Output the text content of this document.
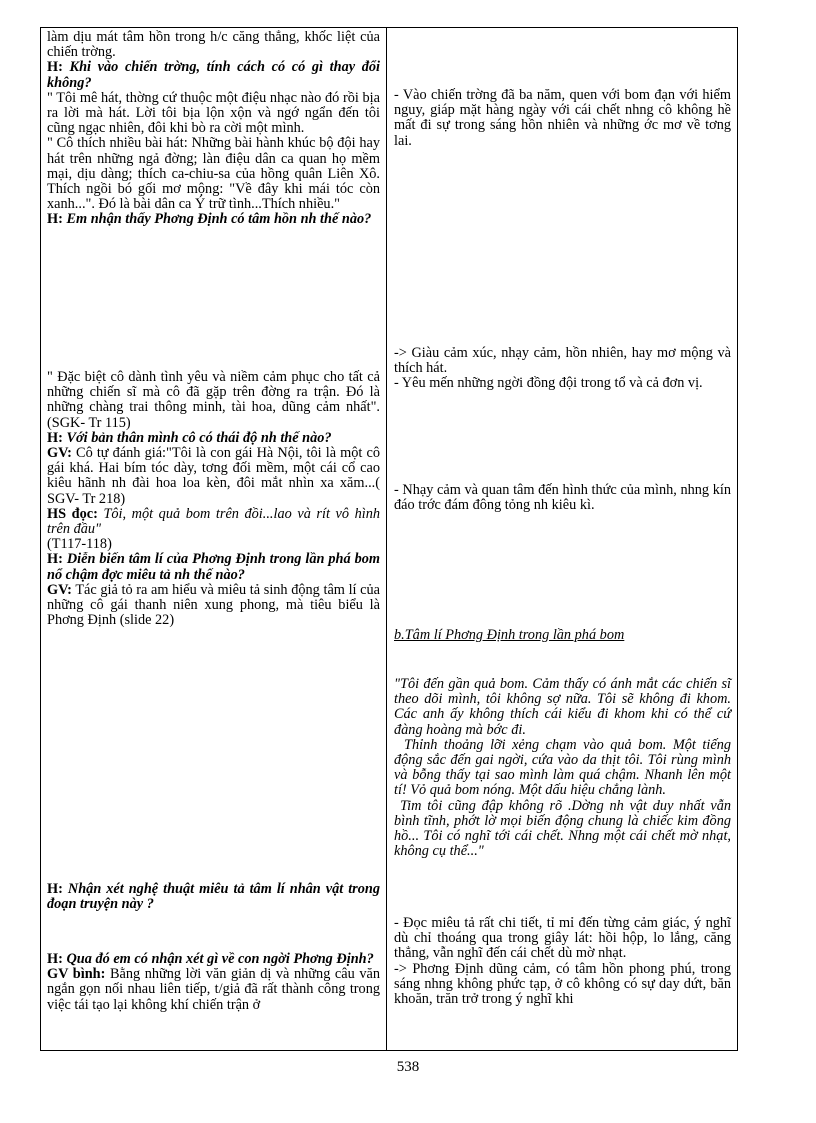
làm dịu mát tâm hồn trong h/c căng thẳng, khốc liệt của chiến trờng.

H: Khi vào chiến trờng, tính cách có có gì thay đổi không?

" Tôi mê hát, thờng cứ thuộc một điệu nhạc nào đó rồi bịa ra lời mà hát. Lời tôi bịa lộn xộn và ngớ ngẩn đến tôi cũng ngạc nhiên, đôi khi bò ra cời một mình.

" Cô thích nhiều bài hát: Những bài hành khúc bộ đội hay hát trên những ngả đờng; làn điệu dân ca quan họ mềm mại, dịu dàng; thích ca-chiu-sa của hồng quân Liên Xô. Thích ngồi bó gối mơ mộng: "Về đây khi mái tóc còn xanh...". Đó là bài dân ca Ý trữ tình...Thích nhiều."

H: Em nhận thấy Phơng Định có tâm hồn nh thế nào?

" Đặc biệt cô dành tình yêu và niềm cảm phục cho tất cả những chiến sĩ mà cô đã gặp trên đờng ra trận. Đó là những chàng trai thông minh, tài hoa, dũng cảm nhất". (SGK- Tr 115)

H: Với bản thân mình cô có thái độ nh thế nào?

GV: Cô tự đánh giá:"Tôi là con gái Hà Nội, tôi là một cô gái khá. Hai bím tóc dày, tơng đối mềm, một cái cổ cao kiêu hãnh nh đài hoa loa kèn, đôi mắt nhìn xa xăm...( SGV- Tr 218)

HS đọc: Tôi, một quả bom trên đồi...lao và rít vô hình trên đầu"

(T117-118)

H: Diễn biến tâm lí của Phơng Định trong lần phá bom nổ chậm đợc miêu tả nh thế nào?

GV: Tác giả tỏ ra am hiểu và miêu tả sinh động tâm lí của những cô gái thanh niên xung phong, mà tiêu biểu là Phơng Định (slide 22)

H: Nhận xét nghệ thuật miêu tả tâm lí nhân vật trong đoạn truyện này ?

H: Qua đó em có nhận xét gì về con ngời Phơng Định?

GV bình: Bằng những lời văn giản dị và những câu văn ngắn gọn nối nhau liên tiếp, t/giả đã rất thành công trong việc tái tạo lại không khí chiến trận ở

- Vào chiến trờng đã ba năm, quen với bom đạn với hiểm nguy, giáp mặt hàng ngày với cái chết nhng cô không hề mất đi sự trong sáng hồn nhiên và những ớc mơ về tơng lai.

-> Giàu cảm xúc, nhạy cảm, hồn nhiên, hay mơ mộng và thích hát.

- Yêu mến những ngời đồng đội trong tổ và cả đơn vị.

- Nhạy cảm và quan tâm đến hình thức của mình, nhng kín đáo trớc đám đông tỏng nh kiêu kì.

b.Tâm lí Phơng Định trong lần phá bom

"Tôi đến gần quả bom. Cảm thấy có ánh mắt các chiến sĩ theo dõi mình, tôi không sợ nữa. Tôi sẽ không đi khom. Các anh ấy không thích cái kiểu đi khom khi có thể cứ đàng hoàng mà bớc đi.

Thỉnh thoảng lỡi xẻng chạm vào quả bom. Một tiếng động sắc đến gai ngời, cứa vào da thịt tôi. Tôi rùng mình và bỗng thấy tại sao mình làm quá chậm. Nhanh lên một tí! Vỏ quả bom nóng. Một dấu hiệu chẳng lành.

Tim tôi cũng đập không rõ .Dờng nh vật duy nhất vẫn bình tĩnh, phớt lờ mọi biến động chung là chiếc kim đồng hồ... Tôi có nghĩ tới cái chết. Nhng một cái chết mờ nhạt, không cụ thể..."

- Đọc miêu tả rất chi tiết, tỉ mỉ đến từng cảm giác, ý nghĩ dù chỉ thoáng qua trong giây lát: hồi hộp, lo lắng, căng thẳng, vẫn nghĩ đến cái chết dù mờ nhạt.

-> Phơng Định dũng cảm, có tâm hồn phong phú, trong sáng nhng không phức tạp, ở cô không có sự day dứt, băn khoăn, trăn trở trong ý nghĩ khi

538
